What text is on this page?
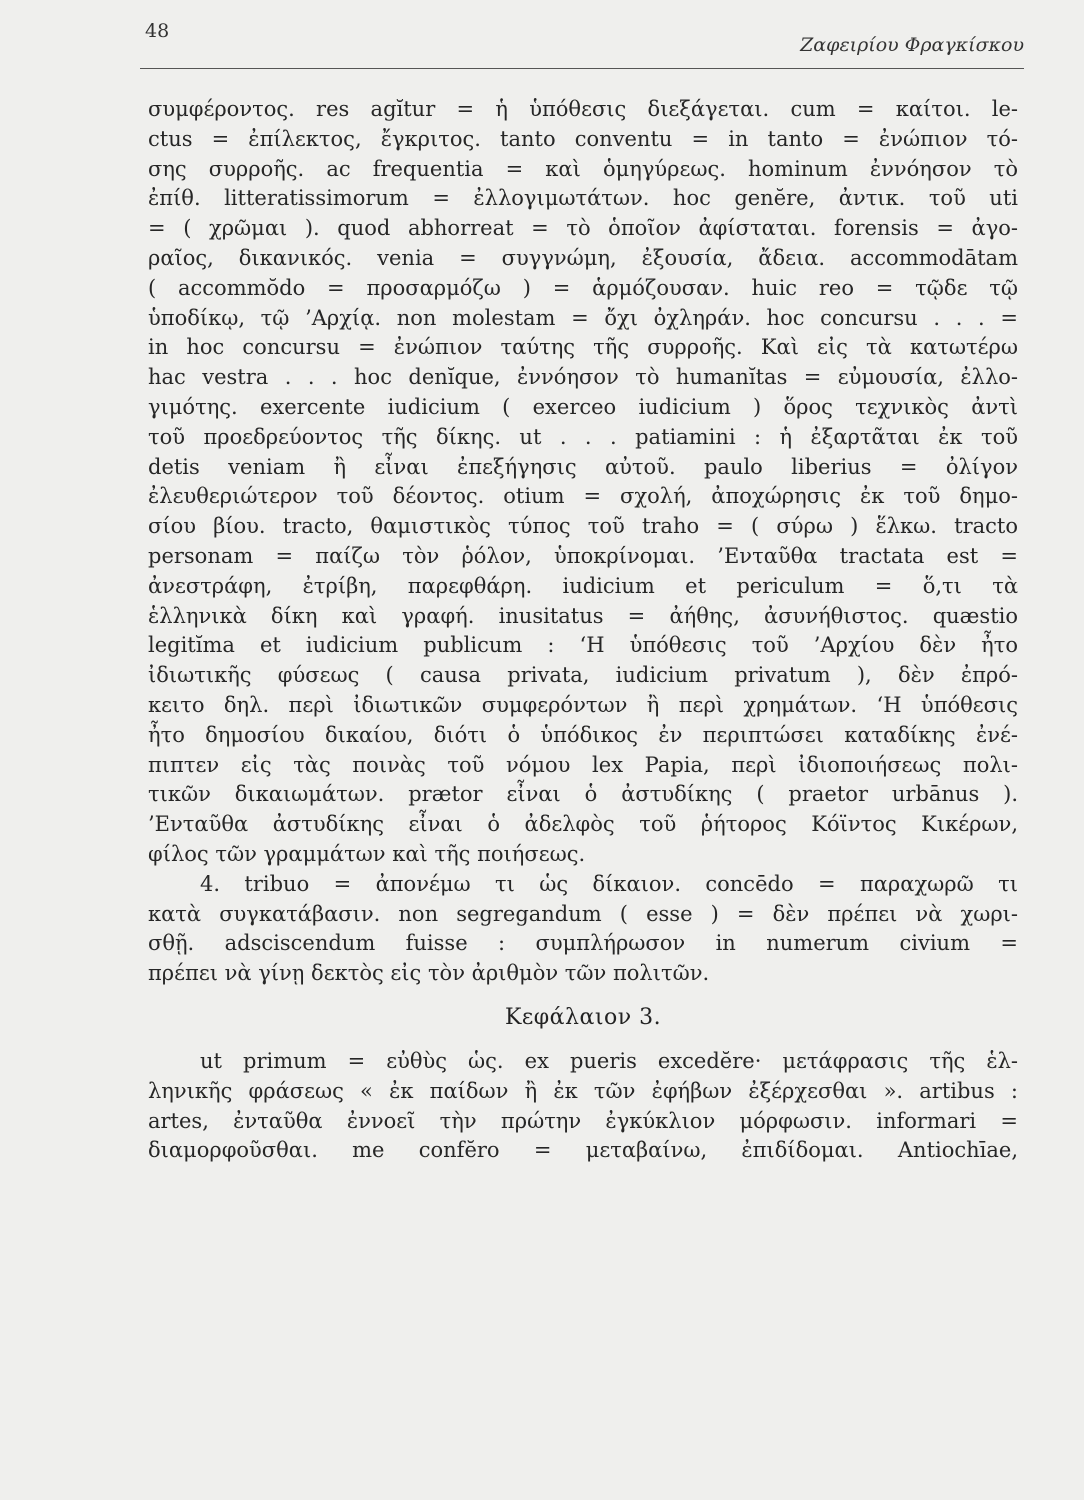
48
Ζαφειρίου Φραγκίσκου
συμφέροντος. res agĭtur = ἡ ὑπόθεσις διεξάγεται. cum = καίτοι. le-
ctus = ἐπίλεκτος, ἔγκριτος. tanto conventu = in tanto = ἐνώπιον τό-
σης συρροῆς. ac frequentia = καὶ ὁμηγύρεως. hominum ἐννόησον τὸ
ἐπίθ. litteratissimorum = ἐλλογιμωτάτων. hoc genĕre, ἀντικ. τοῦ uti
= ( χρῶμαι ). quod abhorreat = τὸ ὁποῖον ἀφίσταται. forensis = ἀγο-
ραῖος, δικανικός. venia = συγγνώμη, ἐξουσία, ἄδεια. accommodātam
( accommŏdo = προσαρμόζω ) = ἁρμόζουσαν. huic reo = τῷδε τῷ
ὑποδίκῳ, τῷ ’Αρχίᾳ. non molestam = ὄχι ὀχληράν. hoc concursu . . . =
in hoc concursu = ἐνώπιον ταύτης τῆς συρροῆς. Καὶ εἰς τὰ κατωτέρω
hac vestra . . . hoc denĭque, ἐννόησον τὸ humanĭtas = εὐμουσία, ἐλλο-
γιμότης. exercente iudicium ( exerceo iudicium ) ὅρος τεχνικὸς ἀντὶ
τοῦ προεδρεύοντος τῆς δίκης. ut . . . patiamini : ἡ ἐξαρτᾶται ἐκ τοῦ
detis veniam ἢ εἶναι ἐπεξήγησις αὐτοῦ. paulo liberius = ὀλίγον
ἐλευθεριώτερον τοῦ δέοντος. otium = σχολή, ἀποχώρησις ἐκ τοῦ δημο-
σίου βίου. tracto, θαμιστικὸς τύπος τοῦ traho = ( σύρω ) ἕλκω. tracto
personam = παίζω τὸν ῥόλον, ὑποκρίνομαι. ’Ενταῦθα tractata est =
ἀνεστράφη, ἐτρίβη, παρεφθάρη. iudicium et periculum = ὅ,τι τὰ
ἑλληνικὰ δίκη καὶ γραφή. inusitatus = ἀήθης, ἀσυνήθιστος. quæstio
legitĭma et iudicium publicum : ‘Η ὑπόθεσις τοῦ ’Αρχίου δὲν ἦτο
ἰδιωτικῆς φύσεως ( causa privata, iudicium privatum ), δὲν ἐπρό-
κειτο δηλ. περὶ ἰδιωτικῶν συμφερόντων ἢ περὶ χρημάτων. ‘Η ὑπόθεσις
ἦτο δημοσίου δικαίου, διότι ὁ ὑπόδικος ἐν περιπτώσει καταδίκης ἐνέ-
πιπτεν εἰς τὰς ποινὰς τοῦ νόμου lex Papia, περὶ ἰδιοποιήσεως πολι-
τικῶν δικαιωμάτων. prætor εἶναι ὁ ἀστυδίκης ( praetor urbānus ).
’Ενταῦθα ἀστυδίκης εἶναι ὁ ἀδελφὸς τοῦ ῥήτορος Κόϊντος Κικέρων,
φίλος τῶν γραμμάτων καὶ τῆς ποιήσεως.
4. tribuo = ἀπονέμω τι ὡς δίκαιον. concēdo = παραχωρῶ τι
κατὰ συγκατάβασιν. non segregandum ( esse ) = δὲν πρέπει νὰ χωρι-
σθῇ. adsciscendum fuisse : συμπλήρωσον in numerum civium =
πρέπει νὰ γίνῃ δεκτὸς εἰς τὸν ἀριθμὸν τῶν πολιτῶν.
Κεφάλαιον 3.
ut primum = εὐθὺς ὡς. ex pueris excedĕre· μετάφρασις τῆς ἑλ-
ληνικῆς φράσεως « ἐκ παίδων ἢ ἐκ τῶν ἐφήβων ἐξέρχεσθαι ». artibus :
artes, ἐνταῦθα ἐννοεῖ τὴν πρώτην ἐγκύκλιον μόρφωσιν. informari =
διαμορφοῦσθαι. me confĕro = μεταβαίνω, ἐπιδίδομαι. Antiochīae,
